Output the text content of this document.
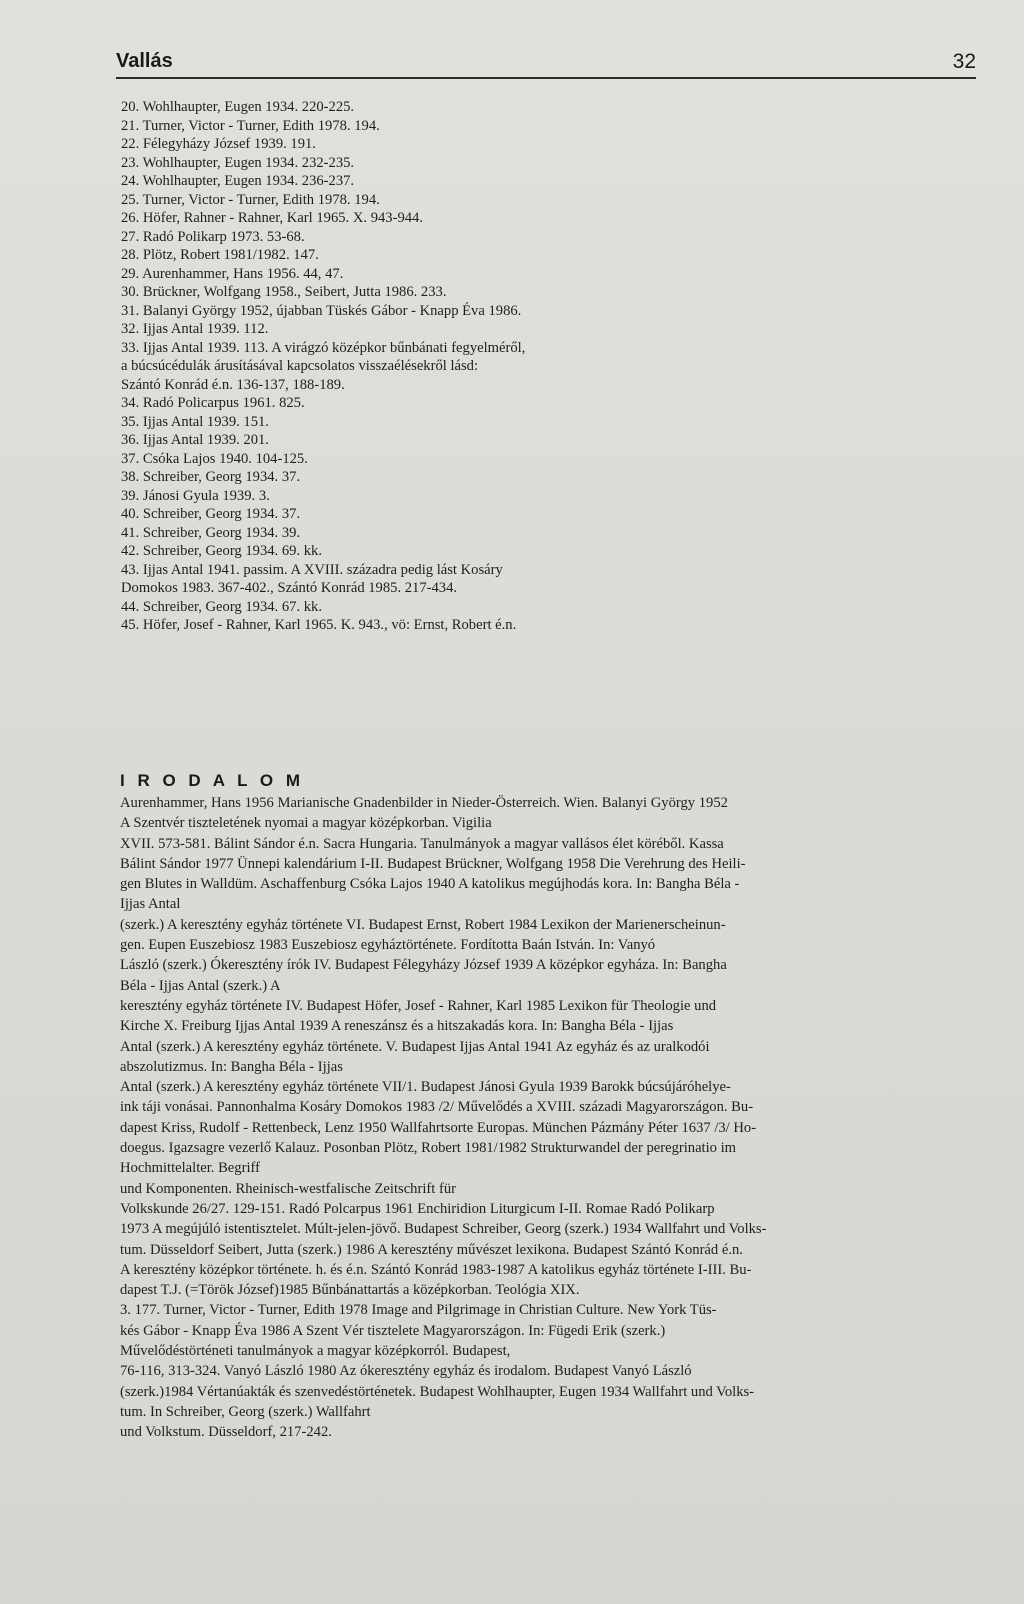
Vallás	32
20. Wohlhaupter, Eugen 1934. 220-225.
21. Turner, Victor - Turner, Edith 1978. 194.
22. Félegyházy József 1939. 191.
23. Wohlhaupter, Eugen 1934. 232-235.
24. Wohlhaupter, Eugen 1934. 236-237.
25. Turner, Victor - Turner, Edith 1978. 194.
26. Höfer, Rahner - Rahner, Karl 1965. X. 943-944.
27. Radó Polikarp 1973. 53-68.
28. Plötz, Robert 1981/1982. 147.
29. Aurenhammer, Hans 1956. 44, 47.
30. Brückner, Wolfgang 1958., Seibert, Jutta 1986. 233.
31. Balanyi György 1952, újabban Tüskés Gábor - Knapp Éva 1986.
32. Ijjas Antal 1939. 112.
33. Ijjas Antal 1939. 113. A virágzó középkor bűnbánati fegyelméről,
a búcsúcédulák árusításával kapcsolatos visszaélésekről lásd:
Szántó Konrád é.n. 136-137, 188-189.
34. Radó Policarpus 1961. 825.
35. Ijjas Antal 1939. 151.
36. Ijjas Antal 1939. 201.
37. Csóka Lajos 1940. 104-125.
38. Schreiber, Georg 1934. 37.
39. Jánosi Gyula 1939. 3.
40. Schreiber, Georg 1934. 37.
41. Schreiber, Georg 1934. 39.
42. Schreiber, Georg 1934. 69. kk.
43. Ijjas Antal 1941. passim. A XVIII. századra pedig lást Kosáry
Domokos 1983. 367-402., Szántó Konrád 1985. 217-434.
44. Schreiber, Georg 1934. 67. kk.
45. Höfer, Josef - Rahner, Karl 1965. K. 943., vö: Ernst, Robert é.n.
I R O D A L O M
Aurenhammer, Hans 1956 Marianische Gnadenbilder in Nieder-Österreich. Wien. Balanyi György 1952
A Szentvér tiszteletének nyomai a magyar középkorban. Vigilia
XVII. 573-581. Bálint Sándor é.n. Sacra Hungaria. Tanulmányok a magyar vallásos élet köréből. Kassa
Bálint Sándor 1977 Ünnepi kalendárium I-II. Budapest Brückner, Wolfgang 1958 Die Verehrung des Heili-
gen Blutes in Walldüm. Aschaffenburg Csóka Lajos 1940 A katolikus megújhodás kora. In: Bangha Béla -
Ijjas Antal
(szerk.) A keresztény egyház története VI. Budapest Ernst, Robert 1984 Lexikon der Marienerscheinun-
gen. Eupen Euszebiosz 1983 Euszebiosz egyháztörténete. Fordította Baán István. In: Vanyó
László (szerk.) Ókeresztény írók IV. Budapest Félegyházy József 1939 A középkor egyháza. In: Bangha
Béla - Ijjas Antal (szerk.) A
keresztény egyház története IV. Budapest Höfer, Josef - Rahner, Karl 1985 Lexikon für Theologie und
Kirche X. Freiburg Ijjas Antal 1939 A reneszánsz és a hitszakadás kora. In: Bangha Béla - Ijjas
Antal (szerk.) A keresztény egyház története. V. Budapest Ijjas Antal 1941 Az egyház és az uralkodói
abszolutizmus. In: Bangha Béla - Ijjas
Antal (szerk.) A keresztény egyház története VII/1. Budapest Jánosi Gyula 1939 Barokk búcsújáróhelye-
ink táji vonásai. Pannonhalma Kosáry Domokos 1983 /2/ Művelődés a XVIII. századi Magyarországon. Bu-
dapest Kriss, Rudolf - Rettenbeck, Lenz 1950 Wallfahrtsorte Europas. München Pázmány Péter 1637 /3/ Ho-
doegus. Igazsagre vezerlő Kalauz. Posonban Plötz, Robert 1981/1982 Strukturwandel der peregrinatio im
Hochmittelalter. Begriff
und Komponenten. Rheinisch-westfalische Zeitschrift für
Volkskunde 26/27. 129-151. Radó Polcarpus 1961 Enchiridion Liturgicum I-II. Romae Radó Polikarp
1973 A megújúló istentisztelet. Múlt-jelen-jövő. Budapest Schreiber, Georg (szerk.) 1934 Wallfahrt und Volks-
tum. Düsseldorf Seibert, Jutta (szerk.) 1986 A keresztény művészet lexikona. Budapest Szántó Konrád é.n.
A keresztény középkor története. h. és é.n. Szántó Konrád 1983-1987 A katolikus egyház története I-III. Bu-
dapest T.J. (=Török József)1985 Bűnbánattartás a középkorban. Teológia XIX.
3. 177. Turner, Victor - Turner, Edith 1978 Image and Pilgrimage in Christian Culture. New York Tüs-
kés Gábor - Knapp Éva 1986 A Szent Vér tisztelete Magyarországon. In: Fügedi Erik (szerk.)
Művelődéstörténeti tanulmányok a magyar középkorról. Budapest,
76-116, 313-324. Vanyó László 1980 Az ókeresztény egyház és irodalom. Budapest Vanyó László
(szerk.)1984 Vértanúakták és szenvedéstörténetek. Budapest Wohlhaupter, Eugen 1934 Wallfahrt und Volks-
tum. In Schreiber, Georg (szerk.) Wallfahrt
und Volkstum. Düsseldorf, 217-242.
